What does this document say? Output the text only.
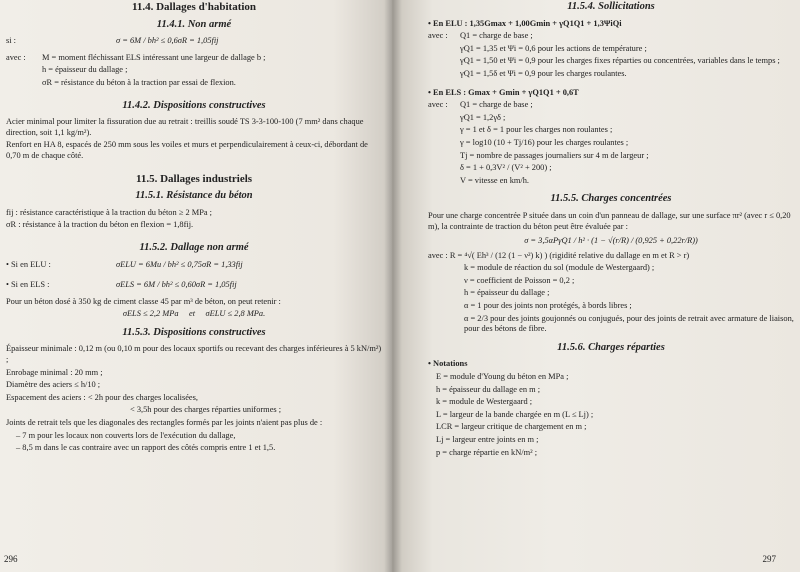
11.4. Dallages d'habitation
11.4.1. Non armé
si :	σ = 6M / bh² ≤ 0,6σR = 1,05fij
avec :	M = moment fléchissant ELS intéressant une largeur de dallage b ;

h = épaisseur du dallage ;

σR = résistance du béton à la traction par essai de flexion.

11.4.2. Dispositions constructives

Acier minimal pour limiter la fissuration due au retrait : treillis soudé TS 3-3-100-100 (7 mm² dans chaque direction, soit 1,1 kg/m²).

Renfort en HA 8, espacés de 250 mm sous les voiles et murs et perpendiculairement à ceux-ci, débordant de 0,70 m de chaque côté.

11.5. Dallages industriels
11.5.1. Résistance du béton

fij : résistance caractéristique à la traction du béton ≥ 2 MPa ;

σR : résistance à la traction du béton en flexion = 1,8fij.

11.5.2. Dallage non armé
• Si en ELU :	σELU = 6Mu / bh² ≤ 0,75σR = 1,33fij
• Si en ELS :	σELS = 6M / bh² ≤ 0,60σR = 1,05fij

Pour un béton dosé à 350 kg de ciment classe 45 par m³ de béton, on peut retenir :

σELS ≤ 2,2 MPa et σELU ≤ 2,8 MPa.

11.5.3. Dispositions constructives

Épaisseur minimale : 0,12 m (ou 0,10 m pour des locaux sportifs ou recevant des charges inférieures à 5 kN/m²) ;

Enrobage minimal : 20 mm ;

Diamètre des aciers ≤ h/10 ;

Espacement des aciers : < 2h pour des charges localisées,

< 3,5h pour des charges réparties uniformes ;

Joints de retrait tels que les diagonales des rectangles formés par les joints n'aient pas plus de :

– 7 m pour les locaux non couverts lors de l'exécution du dallage,

– 8,5 m dans le cas contraire avec un rapport des côtés compris entre 1 et 1,5.

296
11.5.4. Sollicitations

• En ELU : 1,35Gmax + 1,00Gmin + γQ1Q1 + 1,3ΨiQi

avec :	Q1 = charge de base ;

γQ1 = 1,35 et Ψi = 0,6 pour les actions de température ;

γQ1 = 1,50 et Ψi = 0,9 pour les charges fixes réparties ou concentrées, variables dans le temps ;

γQ1 = 1,5δ et Ψi = 0,9 pour les charges roulantes.

• En ELS : Gmax + Gmin + γQ1Q1 + 0,6T

avec :	Q1 = charge de base ;

γQ1 = 1,2γδ ;

γ = 1 et δ = 1 pour les charges non roulantes ;

γ = log10 (10 + Tj/16) pour les charges roulantes ;

Tj = nombre de passages journaliers sur 4 m de largeur ;

δ = 1 + 0,3V² / (V² + 200) ;

V = vitesse en km/h.

11.5.5. Charges concentrées

Pour une charge concentrée P située dans un coin d'un panneau de dallage, sur une surface πr² (avec r ≤ 0,20 m), la contrainte de traction du béton peut être évaluée par :

σ = 3,5αPγQ1 / h² · (1 − √(r/R) / (0,925 + 0,22r/R))

avec : R = ⁴√( Eh³ / (12 (1 − ν²) k) ) (rigidité relative du dallage en m et R > r)

k = module de réaction du sol (module de Westergaard) ;

ν = coefficient de Poisson = 0,2 ;

h = épaisseur du dallage ;

α = 1 pour des joints non protégés, à bords libres ;

α = 2/3 pour des joints goujonnés ou conjugués, pour des joints de retrait avec armature de liaison, pour des bétons de fibre.

11.5.6. Charges réparties

• Notations

E = module d'Young du béton en MPa ;

h = épaisseur du dallage en m ;

k = module de Westergaard ;

L = largeur de la bande chargée en m (L ≤ Lj) ;

LCR = largeur critique de chargement en m ;

Lj = largeur entre joints en m ;

p = charge répartie en kN/m² ;

297
